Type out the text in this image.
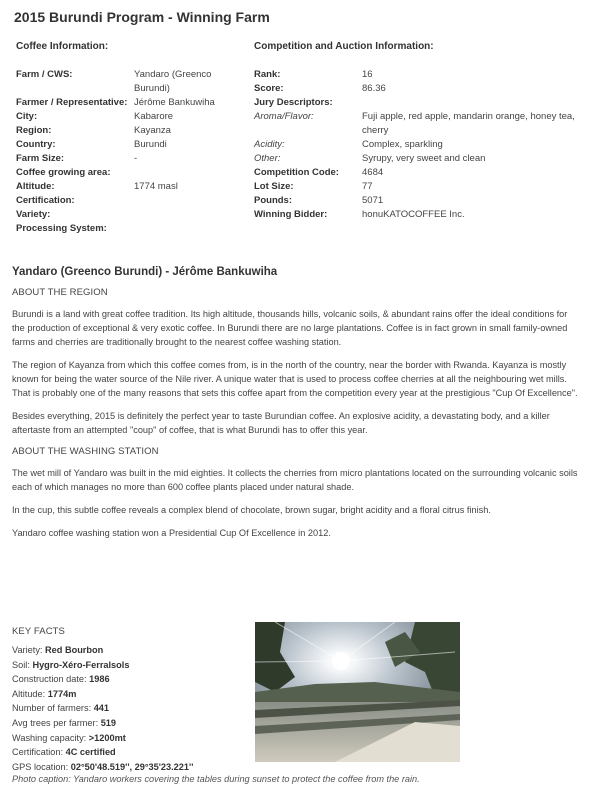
2015 Burundi Program - Winning Farm
Coffee Information:
Farm / CWS:	Yandaro (Greenco Burundi)
Farmer / Representative: Jérôme Bankuwiha
City:	Kabarore
Region:	Kayanza
Country:	Burundi
Farm Size:	-
Coffee growing area:
Altitude:	1774 masl
Certification:
Variety:
Processing System:
Competition and Auction Information:
Rank:	16
Score:	86.36
Jury Descriptors:
Aroma/Flavor:	Fuji apple, red apple, mandarin orange, honey tea, cherry
Acidity:	Complex, sparkling
Other:	Syrupy, very sweet and clean
Competition Code:	4684
Lot Size:	77
Pounds:	5071
Winning Bidder:	honuKATOCOFFEE Inc.
Yandaro (Greenco Burundi) - Jérôme Bankuwiha
ABOUT THE REGION
Burundi is a land with great coffee tradition. Its high altitude, thousands hills, volcanic soils, & abundant rains offer the ideal conditions for the production of exceptional & very exotic coffee. In Burundi there are no large plantations. Coffee is in fact grown in small family-owned farms and cherries are traditionally brought to the nearest coffee washing station.
The region of Kayanza from which this coffee comes from, is in the north of the country, near the border with Rwanda. Kayanza is mostly known for being the water source of the Nile river. A unique water that is used to process coffee cherries at all the neighbouring wet mills. That is probably one of the many reasons that sets this coffee apart from the competition every year at the prestigious "Cup Of Excellence".
Besides everything, 2015 is definitely the perfect year to taste Burundian coffee. An explosive acidity, a devastating body, and a killer aftertaste from an attempted "coup" of coffee, that is what Burundi has to offer this year.
ABOUT THE WASHING STATION
The wet mill of Yandaro was built in the mid eighties. It collects the cherries from micro plantations located on the surrounding volcanic soils each of which manages no more than 600 coffee plants placed under natural shade.
In the cup, this subtle coffee reveals a complex blend of chocolate, brown sugar, bright acidity and a floral citrus finish.
Yandaro coffee washing station won a Presidential Cup Of Excellence in 2012.
KEY FACTS
Variety: Red Bourbon
Soil: Hygro-Xéro-Ferralsols
Construction date: 1986
Altitude: 1774m
Number of farmers: 441
Avg trees per farmer: 519
Washing capacity: >1200mt
Certification: 4C certified
GPS location: 02°50'48.519'', 29°35'23.221''
Photo caption: Yandaro workers covering the tables during sunset to protect the coffee from the rain.
